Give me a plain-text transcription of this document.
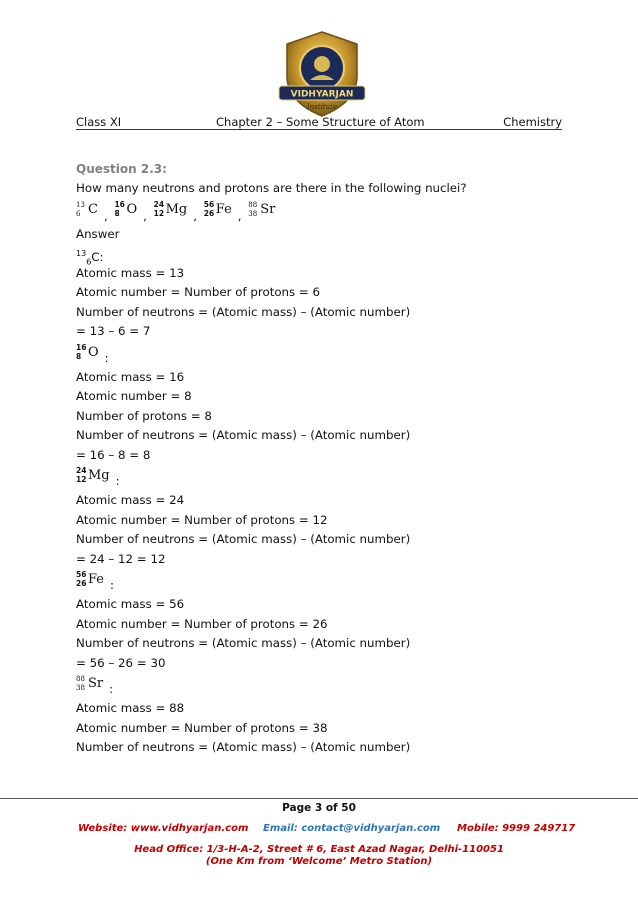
VIDHYARJAN
Institute
Class XI	Chapter 2 – Some Structure of Atom	Chemistry
Question 2.3:
How many neutrons and protons are there in the following nuclei?
13
6 C ,
16
8 O ,
24
12 Mg ,
56
26 Fe ,
88
38 Sr
Answer
$^{13}_6$C:
Atomic mass = 13
Atomic number = Number of protons = 6
Number of neutrons = (Atomic mass) – (Atomic number)
= 13 – 6 = 7
16
8 O :
Atomic mass = 16
Atomic number = 8
Number of protons = 8
Number of neutrons = (Atomic mass) – (Atomic number)
= 16 – 8 = 8
24
12 Mg :
Atomic mass = 24
Atomic number = Number of protons = 12
Number of neutrons = (Atomic mass) – (Atomic number)
= 24 – 12 = 12
56
26 Fe :
Atomic mass = 56
Atomic number = Number of protons = 26
Number of neutrons = (Atomic mass) – (Atomic number)
= 56 – 26 = 30
88
38 Sr :
Atomic mass = 88
Atomic number = Number of protons = 38
Number of neutrons = (Atomic mass) – (Atomic number)
Page 3 of 50
Website: www.vidhyarjan.com Email: contact@vidhyarjan.com Mobile: 9999 249717
Head Office: 1/3-H-A-2, Street # 6, East Azad Nagar, Delhi-110051
(One Km from ‘Welcome’ Metro Station)
